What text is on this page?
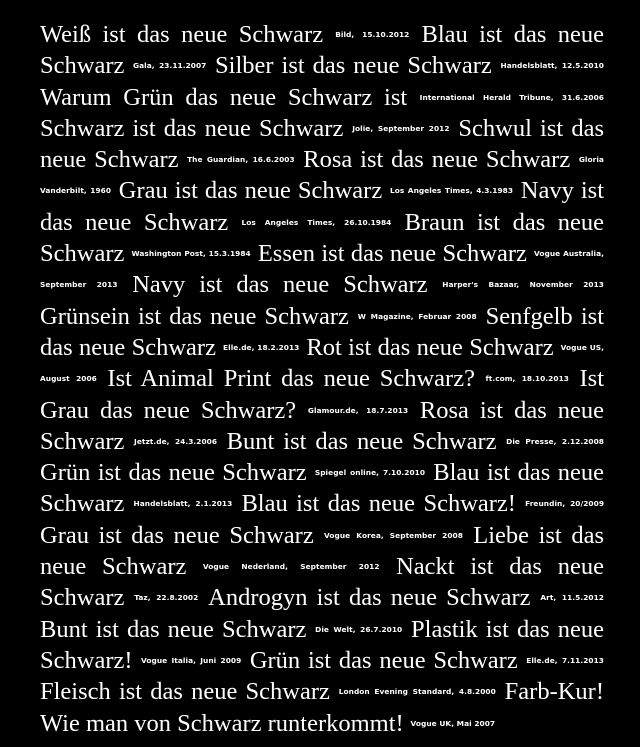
Weiß ist das neue Schwarz $^{Bild, 15.10.2012}$ Blau ist das neue Schwarz $^{Gala, 23.11.2007}$ Silber ist das neue Schwarz $^{Handelsblatt, 12.5.2010}$ Warum Grün das neue Schwarz ist $^{International Herald Tribune, 31.6.2006}$ Schwarz ist das neue Schwarz $^{Jolie, September 2012}$ Schwul ist das neue Schwarz $^{The Guardian, 16.6.2003}$ Rosa ist das neue Schwarz $^{Gloria Vanderbilt, 1960}$ Grau ist das neue Schwarz $^{Los Angeles Times, 4.3.1983}$ Navy ist das neue Schwarz $^{Los Angeles Times, 26.10.1984}$ Braun ist das neue Schwarz $^{Washington Post, 15.3.1984}$ Essen ist das neue Schwarz $^{Vogue Australia, September 2013}$ Navy ist das neue Schwarz $^{Harper's Bazaar, November 2013}$ Grünsein ist das neue Schwarz $^{W Magazine, Februar 2008}$ Senfgelb ist das neue Schwarz $^{Elle.de, 18.2.2013}$ Rot ist das neue Schwarz $^{Vogue US, August 2006}$ Ist Animal Print das neue Schwarz? $^{ft.com, 18.10.2013}$ Ist Grau das neue Schwarz? $^{Glamour.de, 18.7.2013}$ Rosa ist das neue Schwarz $^{Jetzt.de, 24.3.2006}$ Bunt ist das neue Schwarz $^{Die Presse, 2.12.2008}$ Grün ist das neue Schwarz $^{Spiegel online, 7.10.2010}$ Blau ist das neue Schwarz $^{Handelsblatt, 2.1.2013}$ Blau ist das neue Schwarz! $^{Freundin, 20/2009}$ Grau ist das neue Schwarz $^{Vogue Korea, September 2008}$ Liebe ist das neue Schwarz $^{Vogue Nederland, September 2012}$ Nackt ist das neue Schwarz $^{Taz, 22.8.2002}$ Androgyn ist das neue Schwarz $^{Art, 11.5.2012}$ Bunt ist das neue Schwarz $^{Die Welt, 26.7.2010}$ Plastik ist das neue Schwarz! $^{Vogue Italia, Juni 2009}$ Grün ist das neue Schwarz $^{Elle.de, 7.11.2013}$ Fleisch ist das neue Schwarz $^{London Evening Standard, 4.8.2000}$ Farb-Kur! Wie man von Schwarz runterkommt! $^{Vogue UK, Mai 2007}$
